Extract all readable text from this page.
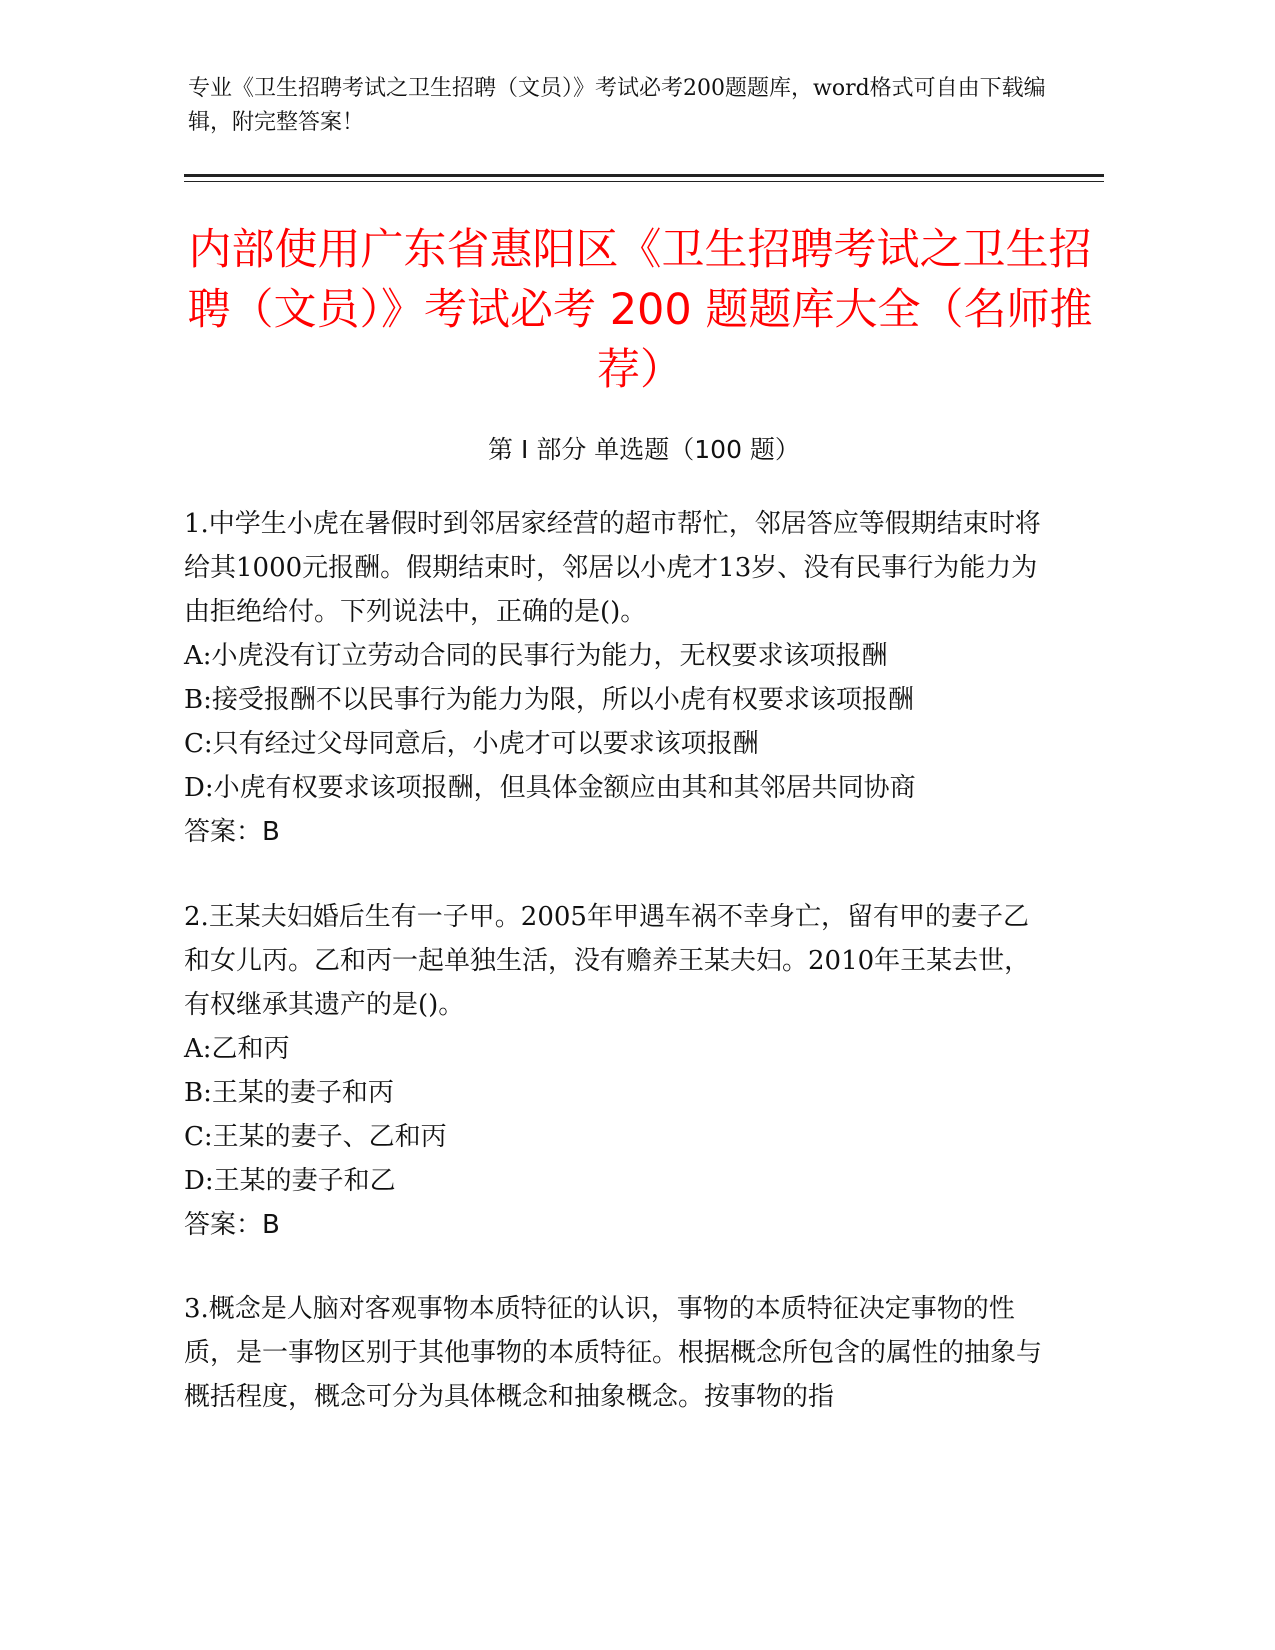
专业《卫生招聘考试之卫生招聘（文员）》考试必考200题题库，word格式可自由下载编辑，附完整答案！
内部使用广东省惠阳区《卫生招聘考试之卫生招聘（文员）》考试必考 200 题题库大全（名师推荐）
第 I 部分 单选题（100 题）
1.中学生小虎在暑假时到邻居家经营的超市帮忙，邻居答应等假期结束时将给其1000元报酬。假期结束时，邻居以小虎才13岁、没有民事行为能力为由拒绝给付。下列说法中，正确的是()。
A:小虎没有订立劳动合同的民事行为能力，无权要求该项报酬
B:接受报酬不以民事行为能力为限，所以小虎有权要求该项报酬
C:只有经过父母同意后，小虎才可以要求该项报酬
D:小虎有权要求该项报酬，但具体金额应由其和其邻居共同协商
答案：B
2.王某夫妇婚后生有一子甲。2005年甲遇车祸不幸身亡，留有甲的妻子乙和女儿丙。乙和丙一起单独生活，没有赡养王某夫妇。2010年王某去世，有权继承其遗产的是()。
A:乙和丙
B:王某的妻子和丙
C:王某的妻子、乙和丙
D:王某的妻子和乙
答案：B
3.概念是人脑对客观事物本质特征的认识，事物的本质特征决定事物的性质，是一事物区别于其他事物的本质特征。根据概念所包含的属性的抽象与概括程度，概念可分为具体概念和抽象概念。按事物的指
